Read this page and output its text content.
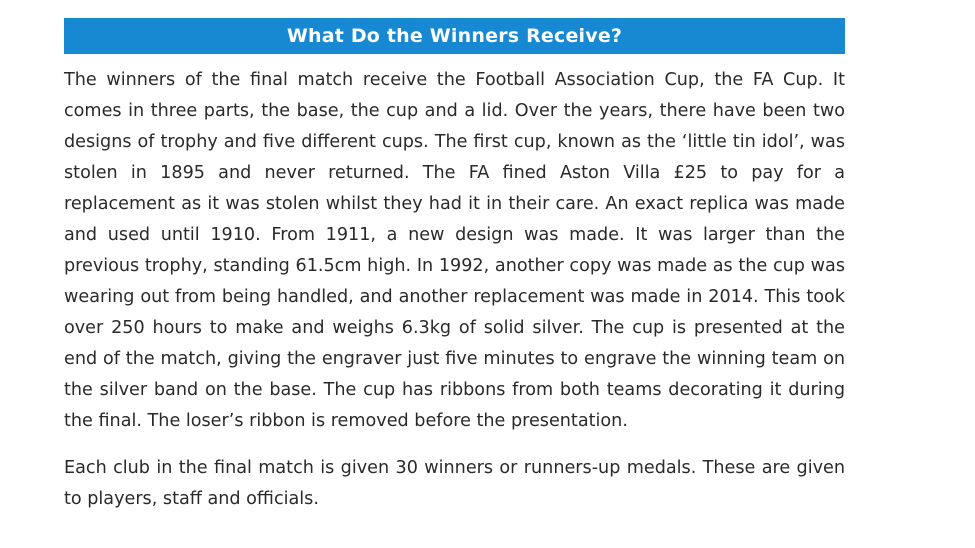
What Do the Winners Receive?

The winners of the final match receive the Football Association Cup, the FA Cup. It comes in three parts, the base, the cup and a lid. Over the years, there have been two designs of trophy and five different cups. The first cup, known as the ‘little tin idol’, was stolen in 1895 and never returned. The FA fined Aston Villa £25 to pay for a replacement as it was stolen whilst they had it in their care. An exact replica was made and used until 1910. From 1911, a new design was made. It was larger than the previous trophy, standing 61.5cm high. In 1992, another copy was made as the cup was wearing out from being handled, and another replacement was made in 2014. This took over 250 hours to make and weighs 6.3kg of solid silver. The cup is presented at the end of the match, giving the engraver just five minutes to engrave the winning team on the silver band on the base. The cup has ribbons from both teams decorating it during the final. The loser’s ribbon is removed before the presentation.

Each club in the final match is given 30 winners or runners-up medals. These are given to players, staff and officials.
